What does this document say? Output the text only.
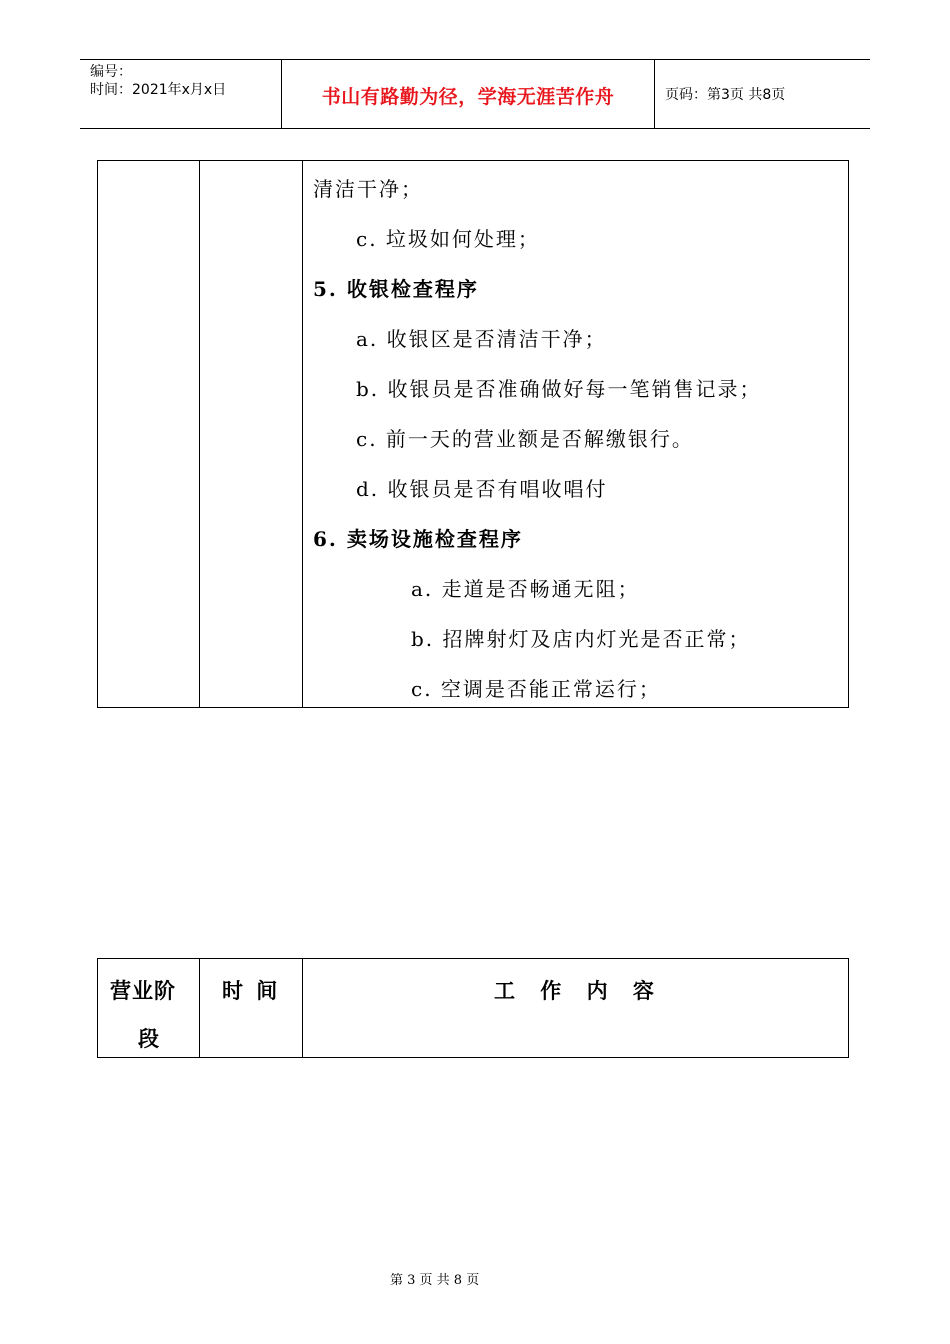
编号：
时间：2021年x月x日	书山有路勤为径，学海无涯苦作舟	页码：第3页 共8页
清洁干净；
c. 垃圾如何处理；
5. 收银检查程序
a. 收银区是否清洁干净；
b. 收银员是否准确做好每一笔销售记录；
c. 前一天的营业额是否解缴银行。
d. 收银员是否有唱收唱付
6. 卖场设施检查程序
a. 走道是否畅通无阻；
b. 招牌射灯及店内灯光是否正常；
c. 空调是否能正常运行；
营业阶
段
时 间	工 作 内 容
第 3 页 共 8 页
